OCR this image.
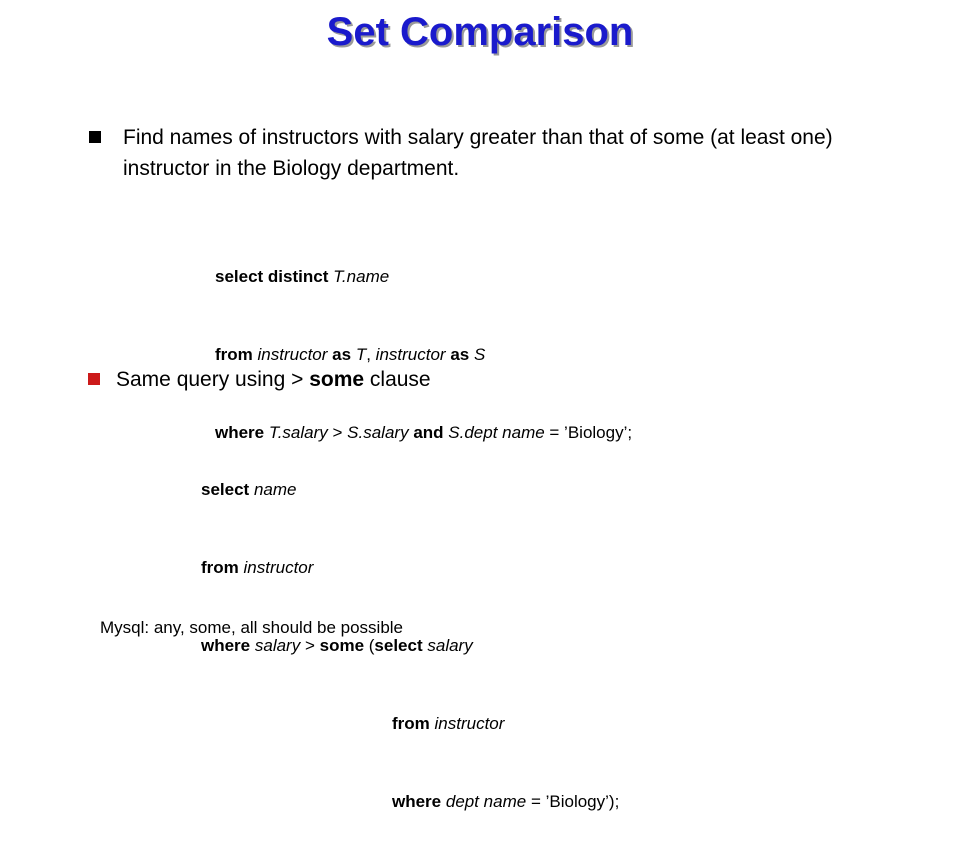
Set Comparison
Find names of instructors with salary greater than that of some (at least one) instructor in the Biology department.

select distinct T.name

from instructor as T, instructor as S

where T.salary > S.salary and S.dept name = ’Biology’;

Same query using > some clause

select name

from instructor

where salary > some (select salary

from instructor

where dept name = ’Biology’);

Mysql: any, some, all should be possible
